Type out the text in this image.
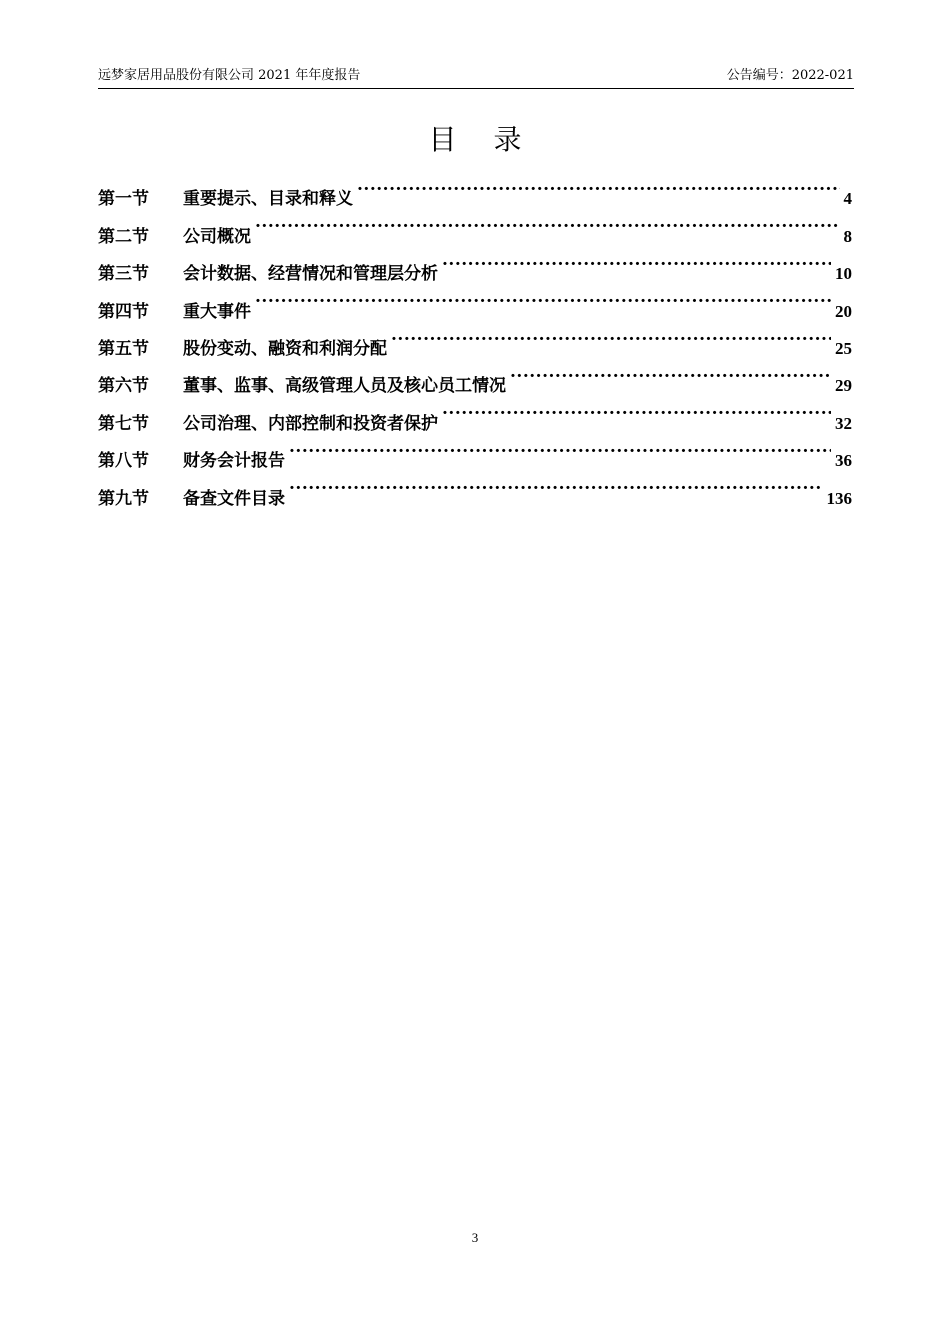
远梦家居用品股份有限公司 2021 年年度报告	公告编号：2022-021
目 录
第一节	重要提示、目录和释义 .....	4
第二节	公司概况 .....	8
第三节	会计数据、经营情况和管理层分析 .....	10
第四节	重大事件 .....	20
第五节	股份变动、融资和利润分配 .....	25
第六节	董事、监事、高级管理人员及核心员工情况 .....	29
第七节	公司治理、内部控制和投资者保护 .....	32
第八节	财务会计报告 .....	36
第九节	备查文件目录 .....	136
3
